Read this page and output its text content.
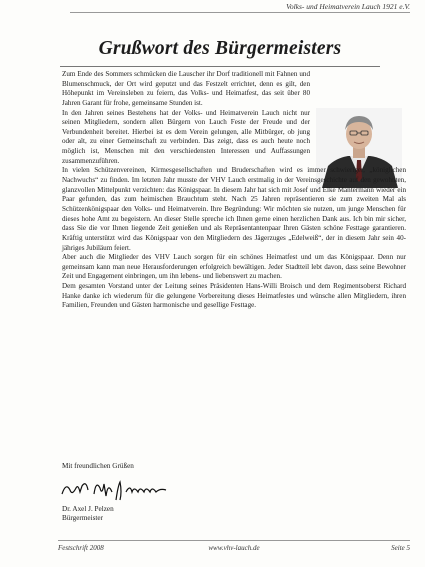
Volks- und Heimatverein Lauch 1921 e.V.
Grußwort des Bürgermeisters

Zum Ende des Sommers schmücken die Lauscher ihr Dorf traditionell mit Fahnen und Blumenschmuck, der Ort wird geputzt und das Festzelt errichtet, denn es gilt, den Höhepunkt im Vereinsleben zu feiern, das Volks- und Heimatfest, das seit über 80 Jahren Garant für frohe, gemeinsame Stunden ist.

In den Jahren seines Bestehens hat der Volks- und Heimatverein Lauch nicht nur seinen Mitgliedern, sondern allen Bürgern von Lauch Feste der Freude und der Verbundenheit bereitet. Hierbei ist es dem Verein gelungen, alle Mitbürger, ob jung oder alt, zu einer Gemeinschaft zu verbinden. Das zeigt, dass es auch heute noch möglich ist, Menschen mit den verschiedensten Interessen und Auffassungen zusammenzuführen.

In vielen Schützenvereinen, Kirmesgesellschaften und Bruderschaften wird es immer schwieriger, „königlichen Nachwuchs“ zu finden. Im letzten Jahr musste der VHV Lauch erstmalig in der Vereinsgeschichte auf den gewohnten, glanzvollen Mittelpunkt verzichten: das Königspaar. In diesem Jahr hat sich mit Josef und Elke Mantermann wieder ein Paar gefunden, das zum heimischen Brauchtum steht. Nach 25 Jahren repräsentieren sie zum zweiten Mal als Schützenkönigspaar den Volks- und Heimatverein. Ihre Begründung: Wir möchten sie nutzen, um junge Menschen für dieses hohe Amt zu begeistern. An dieser Stelle spreche ich Ihnen gerne einen herzlichen Dank aus. Ich bin mir sicher, dass Sie die vor Ihnen liegende Zeit genießen und als Repräsentantenpaar Ihren Gästen schöne Festtage garantieren. Kräftig unterstützt wird das Königspaar von den Mitgliedern des Jägerzuges „Edelweiß“, der in diesem Jahr sein 40-jähriges Jubiläum feiert.

Aber auch die Mitglieder des VHV Lauch sorgen für ein schönes Heimatfest und um das Königspaar. Denn nur gemeinsam kann man neue Herausforderungen erfolgreich bewältigen. Jeder Stadtteil lebt davon, dass seine Bewohner Zeit und Engagement einbringen, um ihn lebens- und liebenswert zu machen.

Dem gesamten Vorstand unter der Leitung seines Präsidenten Hans-Willi Broisch und dem Regimentsoberst Richard Hanke danke ich wiederum für die gelungene Vorbereitung dieses Heimatfestes und wünsche allen Mitgliedern, ihren Familien, Freunden und Gästen harmonische und gesellige Festtage.

Mit freundlichen Grüßen
Dr. Axel J. Pelzen
Bürgermeister
Festschrift 2008	www.vhv-lauch.de	Seite 5
